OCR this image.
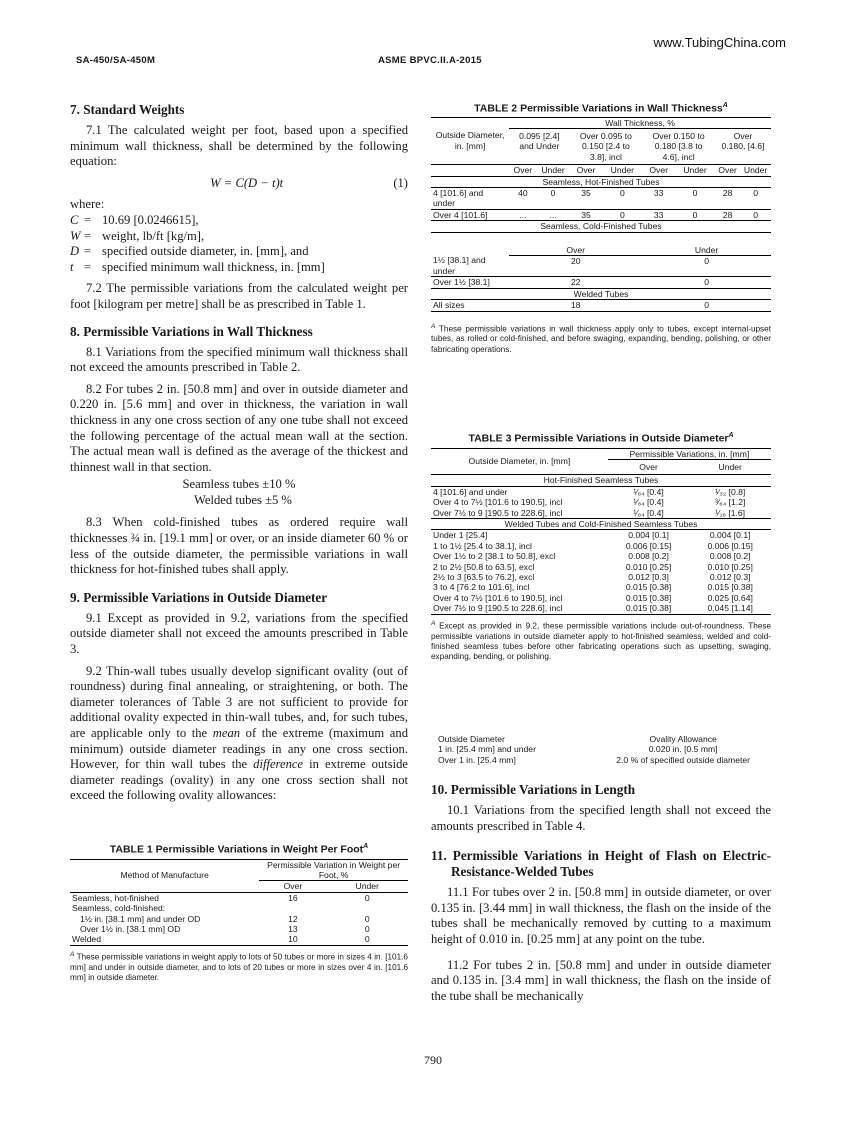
www.TubingChina.com
SA-450/SA-450M	ASME BPVC.II.A-2015
7. Standard Weights

7.1 The calculated weight per foot, based upon a specified minimum wall thickness, shall be determined by the following equation:

W = C(D − t)t	(1)

where:

C = 10.69 [0.0246615],
W = weight, lb/ft [kg/m],
D = specified outside diameter, in. [mm], and
t = specified minimum wall thickness, in. [mm]

7.2 The permissible variations from the calculated weight per foot [kilogram per metre] shall be as prescribed in Table 1.

8. Permissible Variations in Wall Thickness

8.1 Variations from the specified minimum wall thickness shall not exceed the amounts prescribed in Table 2.

8.2 For tubes 2 in. [50.8 mm] and over in outside diameter and 0.220 in. [5.6 mm] and over in thickness, the variation in wall thickness in any one cross section of any one tube shall not exceed the following percentage of the actual mean wall at the section. The actual mean wall is defined as the average of the thickest and thinnest wall in that section.

Seamless tubes ±10 %

Welded tubes ±5 %

8.3 When cold-finished tubes as ordered require wall thicknesses ¾ in. [19.1 mm] or over, or an inside diameter 60 % or less of the outside diameter, the permissible variations in wall thickness for hot-finished tubes shall apply.

9. Permissible Variations in Outside Diameter

9.1 Except as provided in 9.2, variations from the specified outside diameter shall not exceed the amounts prescribed in Table 3.

9.2 Thin-wall tubes usually develop significant ovality (out of roundness) during final annealing, or straightening, or both. The diameter tolerances of Table 3 are not sufficient to provide for additional ovality expected in thin-wall tubes, and, for such tubes, are applicable only to the mean of the extreme (maximum and minimum) outside diameter readings in any one cross section. However, for thin wall tubes the difference in extreme outside diameter readings (ovality) in any one cross section shall not exceed the following ovality allowances:

TABLE 1 Permissible Variations in Weight Per Foot$^A$
Method of Manufacture	Permissible Variation in Weight per Foot, %	
	Over	Under
Seamless, hot-finished	16	0
Seamless, cold-finished:		
1½ in. [38.1 mm] and under OD	12	0
Over 1½ in. [38.1 mm] OD	13	0
Welded	10	0

$^A$ These permissible variations in weight apply to lots of 50 tubes or more in sizes 4 in. [101.6 mm] and under in outside diameter, and to lots of 20 tubes or more in sizes over 4 in. [101.6 mm] in outside diameter.

TABLE 2 Permissible Variations in Wall Thickness$^A$
Outside Diameter, in. [mm]	Wall Thickness, %							
	0.095 [2.4] and Under		Over 0.095 to 0.150 [2.4 to 3.8], incl		Over 0.150 to 0.180 [3.8 to 4.6], incl		Over 0.180, [4.6]	
	Over	Under	Over	Under	Over	Under	Over	Under
Seamless, Hot-Finished Tubes								
4 [101.6] and under	40	0	35	0	33	0	28	0
Over 4 [101.6]	...	...	35	0	33	0	28	0
Seamless, Cold-Finished Tubes								

	Over				Under			
1½ [38.1] and under	20				0			
Over 1½ [38.1]	22				0			
Welded Tubes								
All sizes	18				0			

$^A$ These permissible variations in wall thickness apply only to tubes, except internal-upset tubes, as rolled or cold-finished, and before swaging, expanding, bending, polishing, or other fabricating operations.

TABLE 3 Permissible Variations in Outside Diameter$^A$
Outside Diameter, in. [mm]	Permissible Variations, in. [mm]	
	Over	Under
Hot-Finished Seamless Tubes		
4 [101.6] and under	¹⁄₆₄ [0.4]	¹⁄₃₂ [0.8]
Over 4 to 7½ [101.6 to 190.5], incl	¹⁄₆₄ [0.4]	³⁄₆₄ [1.2]
Over 7½ to 9 [190.5 to 228.6], incl	¹⁄₆₄ [0.4]	¹⁄₁₆ [1.6]
Welded Tubes and Cold-Finished Seamless Tubes		
Under 1 [25.4]	0.004 [0.1]	0.004 [0.1]
1 to 1½ [25.4 to 38.1], incl	0.006 [0.15]	0.006 [0.15]
Over 1½ to 2 [38.1 to 50.8], excl	0.008 [0.2]	0.008 [0.2]
2 to 2½ [50.8 to 63.5], excl	0.010 [0.25]	0.010 [0.25]
2½ to 3 [63.5 to 76.2], excl	0.012 [0.3]	0.012 [0.3]
3 to 4 [76.2 to 101.6], incl	0.015 [0.38]	0.015 [0.38]
Over 4 to 7½ [101.6 to 190.5], incl	0.015 [0.38]	0.025 [0.64]
Over 7½ to 9 [190.5 to 228.6], incl	0.015 [0.38]	0.045 [1.14]

$^A$ Except as provided in 9.2, these permissible variations include out-of-roundness. These permissible variations in outside diameter apply to hot-finished seamless, welded and cold-finished seamless tubes before other fabricating operations such as upsetting, swaging, expanding, bending, or polishing.

Outside Diameter	Ovality Allowance
1 in. [25.4 mm] and under	0.020 in. [0.5 mm]
Over 1 in. [25.4 mm]	2.0 % of specified outside diameter
10. Permissible Variations in Length

10.1 Variations from the specified length shall not exceed the amounts prescribed in Table 4.

11. Permissible Variations in Height of Flash on Electric-Resistance-Welded Tubes

11.1 For tubes over 2 in. [50.8 mm] in outside diameter, or over 0.135 in. [3.44 mm] in wall thickness, the flash on the inside of the tubes shall be mechanically removed by cutting to a maximum height of 0.010 in. [0.25 mm] at any point on the tube.

11.2 For tubes 2 in. [50.8 mm] and under in outside diameter and 0.135 in. [3.4 mm] in wall thickness, the flash on the inside of the tube shall be mechanically

790
